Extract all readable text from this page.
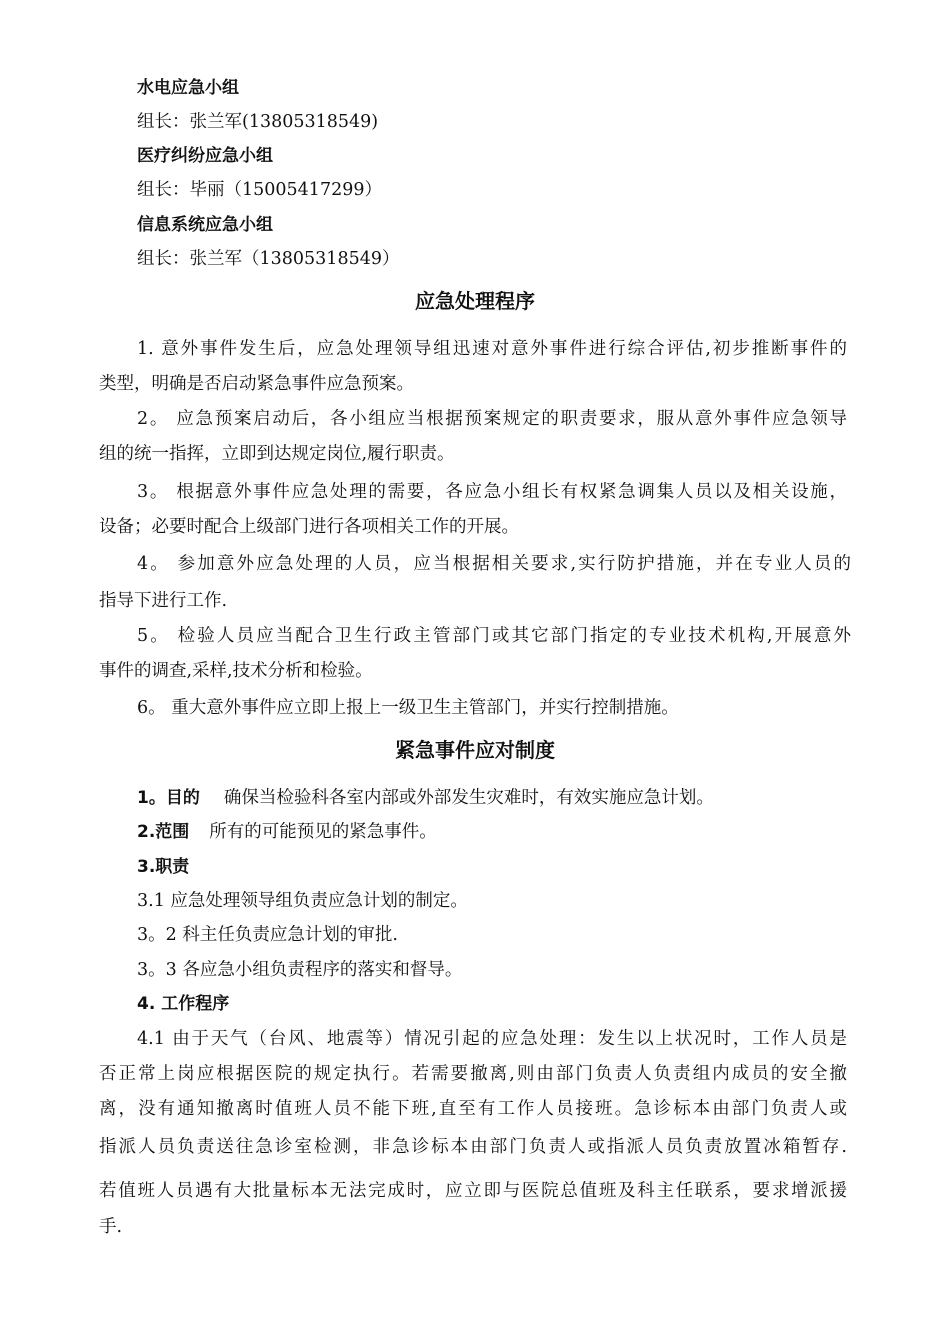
水电应急小组
组长：张兰军(13805318549)
医疗纠纷应急小组
组长：毕丽（15005417299）
信息系统应急小组
组长：张兰军（13805318549）
应急处理程序
1. 意外事件发生后，应急处理领导组迅速对意外事件进行综合评估,初步推断事件的
类型，明确是否启动紧急事件应急预案。
2。 应急预案启动后，各小组应当根据预案规定的职责要求，服从意外事件应急领导
组的统一指挥，立即到达规定岗位,履行职责。
3。 根据意外事件应急处理的需要，各应急小组长有权紧急调集人员以及相关设施，
设备；必要时配合上级部门进行各项相关工作的开展。
4。 参加意外应急处理的人员，应当根据相关要求,实行防护措施，并在专业人员的
指导下进行工作.
5。 检验人员应当配合卫生行政主管部门或其它部门指定的专业技术机构,开展意外
事件的调查,采样,技术分析和检验。
6。 重大意外事件应立即上报上一级卫生主管部门，并实行控制措施。
紧急事件应对制度
1。目的 确保当检验科各室内部或外部发生灾难时，有效实施应急计划。
2.范围 所有的可能预见的紧急事件。
3.职责
3.1 应急处理领导组负责应急计划的制定。
3。2 科主任负责应急计划的审批.
3。3 各应急小组负责程序的落实和督导。
4. 工作程序
4.1 由于天气（台风、地震等）情况引起的应急处理：发生以上状况时，工作人员是
否正常上岗应根据医院的规定执行。若需要撤离,则由部门负责人负责组内成员的安全撤
离，没有通知撤离时值班人员不能下班,直至有工作人员接班。急诊标本由部门负责人或
指派人员负责送往急诊室检测，非急诊标本由部门负责人或指派人员负责放置冰箱暂存.
若值班人员遇有大批量标本无法完成时，应立即与医院总值班及科主任联系，要求增派援
手.
